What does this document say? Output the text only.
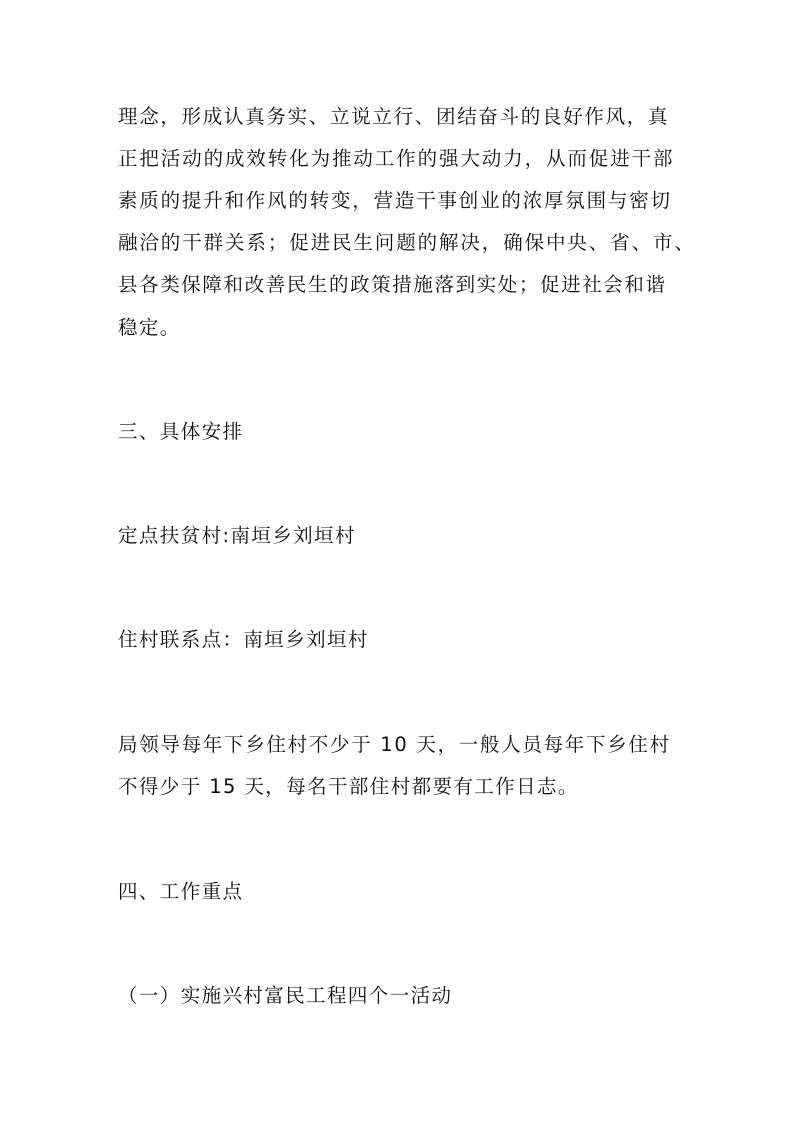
理念，形成认真务实、立说立行、团结奋斗的良好作风，真
正把活动的成效转化为推动工作的强大动力，从而促进干部
素质的提升和作风的转变，营造干事创业的浓厚氛围与密切
融洽的干群关系；促进民生问题的解决，确保中央、省、市、
县各类保障和改善民生的政策措施落到实处；促进社会和谐
稳定。
三、具体安排
定点扶贫村:南垣乡刘垣村
住村联系点：南垣乡刘垣村
局领导每年下乡住村不少于 10 天，一般人员每年下乡住村
不得少于 15 天，每名干部住村都要有工作日志。
四、工作重点
（一）实施兴村富民工程四个一活动
